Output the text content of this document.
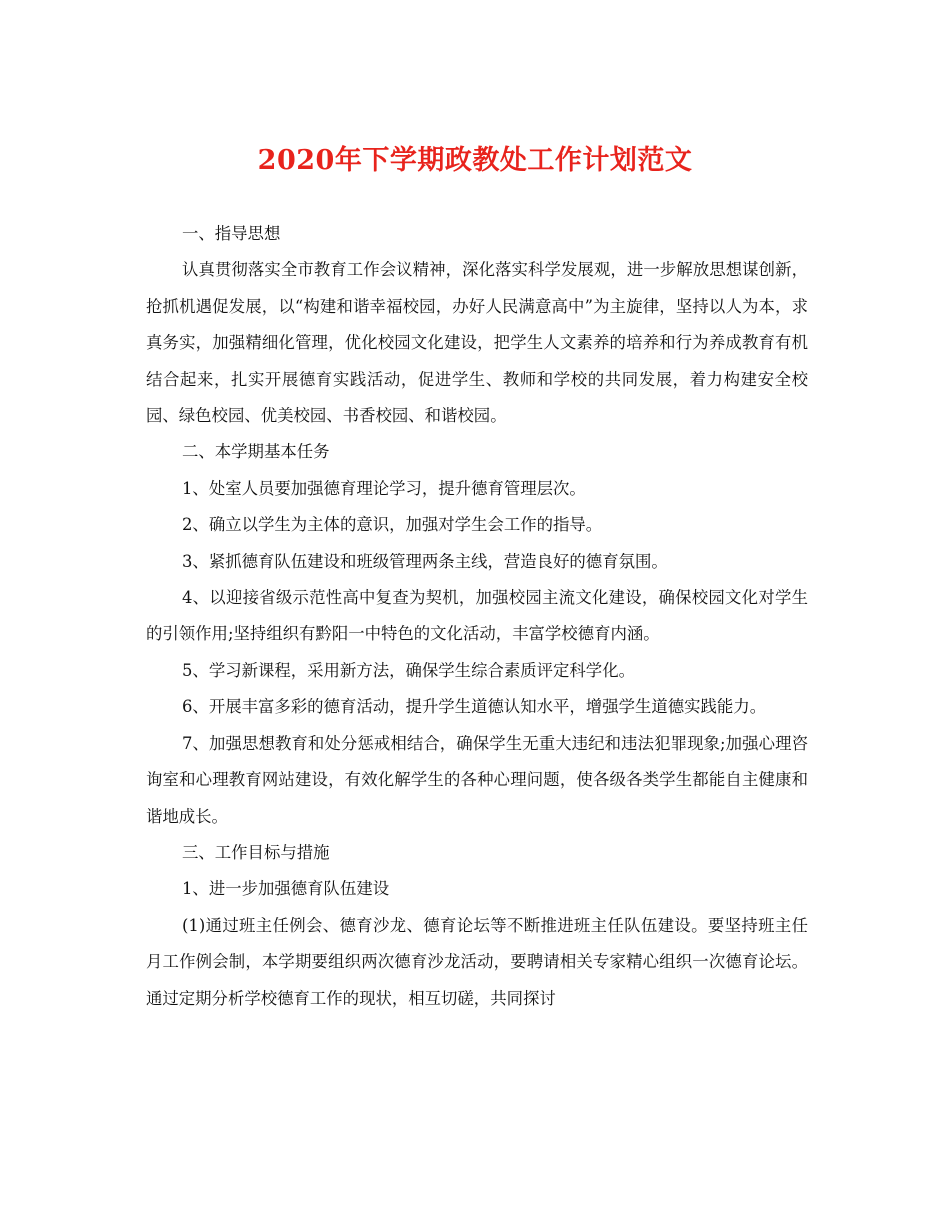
2020年下学期政教处工作计划范文

一、指导思想

认真贯彻落实全市教育工作会议精神，深化落实科学发展观，进一步解放思想谋创新，抢抓机遇促发展，以“构建和谐幸福校园，办好人民满意高中”为主旋律，坚持以人为本，求真务实，加强精细化管理，优化校园文化建设，把学生人文素养的培养和行为养成教育有机结合起来，扎实开展德育实践活动，促进学生、教师和学校的共同发展，着力构建安全校园、绿色校园、优美校园、书香校园、和谐校园。

二、本学期基本任务

1、处室人员要加强德育理论学习，提升德育管理层次。

2、确立以学生为主体的意识，加强对学生会工作的指导。

3、紧抓德育队伍建设和班级管理两条主线，营造良好的德育氛围。

4、以迎接省级示范性高中复查为契机，加强校园主流文化建设，确保校园文化对学生的引领作用;坚持组织有黔阳一中特色的文化活动，丰富学校德育内涵。

5、学习新课程，采用新方法，确保学生综合素质评定科学化。

6、开展丰富多彩的德育活动，提升学生道德认知水平，增强学生道德实践能力。

7、加强思想教育和处分惩戒相结合，确保学生无重大违纪和违法犯罪现象;加强心理咨询室和心理教育网站建设，有效化解学生的各种心理问题，使各级各类学生都能自主健康和谐地成长。

三、工作目标与措施

1、进一步加强德育队伍建设

(1)通过班主任例会、德育沙龙、德育论坛等不断推进班主任队伍建设。要坚持班主任月工作例会制，本学期要组织两次德育沙龙活动，要聘请相关专家精心组织一次德育论坛。通过定期分析学校德育工作的现状，相互切磋，共同探讨
